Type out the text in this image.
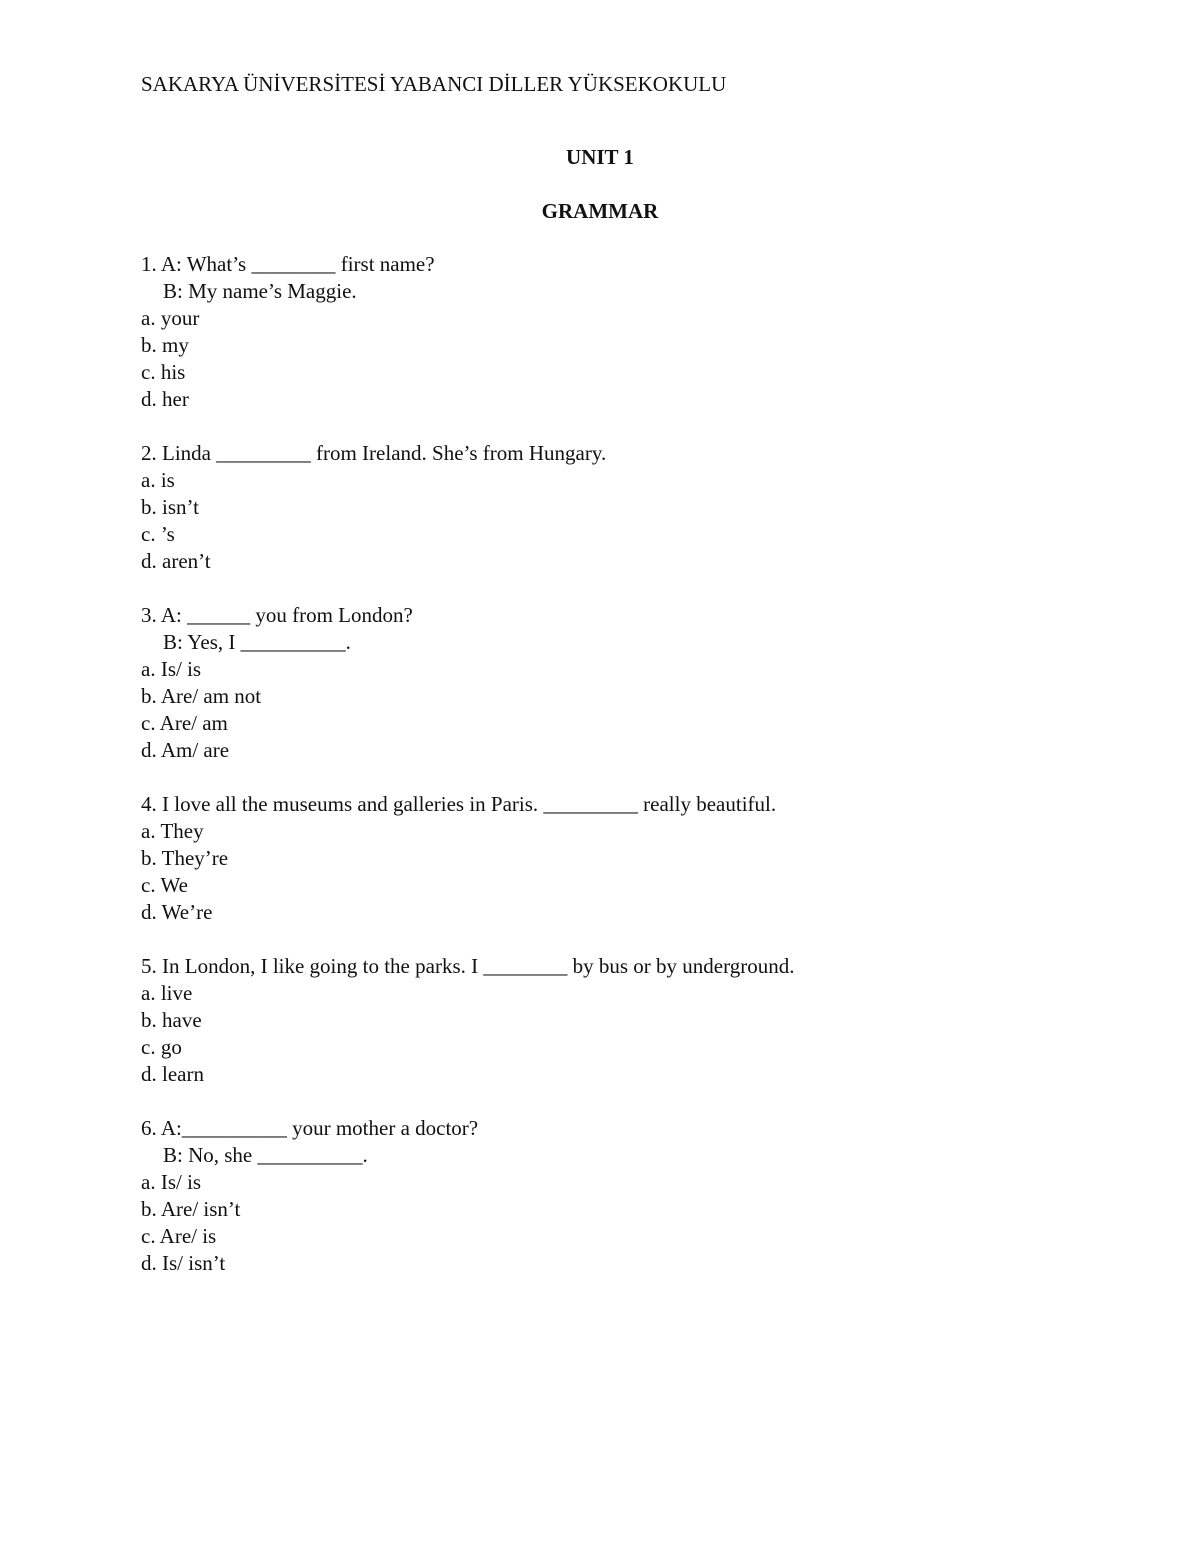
SAKARYA ÜNİVERSİTESİ YABANCI DİLLER YÜKSEKOKULU
UNIT 1
GRAMMAR
1. A: What’s ________ first name?
B: My name’s Maggie.
a. your
b. my
c. his
d. her
2. Linda _________ from Ireland. She’s from Hungary.
a. is
b. isn’t
c. ’s
d. aren’t
3. A: ______ you from London?
B: Yes, I __________.
a. Is/ is
b. Are/ am not
c. Are/ am
d. Am/ are
4. I love all the museums and galleries in Paris. _________ really beautiful.
a. They
b. They’re
c. We
d. We’re
5. In London, I like going to the parks. I ________ by bus or by underground.
a. live
b. have
c. go
d. learn
6. A:__________ your mother a doctor?
B: No, she __________.
a. Is/ is
b. Are/ isn’t
c. Are/ is
d. Is/ isn’t
